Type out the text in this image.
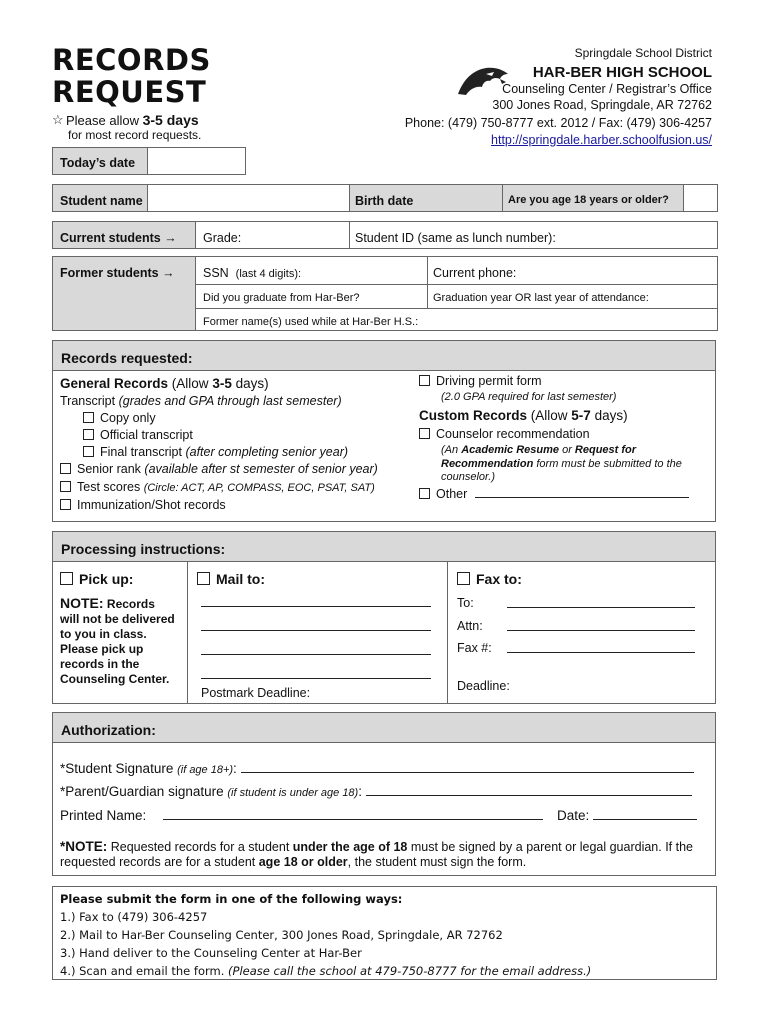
RECORDS
REQUEST
☆ Please allow 3-5 days
for most record requests.
Springdale School District
HAR-BER HIGH SCHOOL
Counseling Center / Registrar’s Office
300 Jones Road, Springdale, AR 72762
Phone: (479) 750-8777 ext. 2012 / Fax: (479) 306-4257
http://springdale.harber.schoolfusion.us/
Today’s date
Student name	Birth date	Are you age 18 years or older?
Current students → Grade:	Student ID (same as lunch number):
Former students → SSN (last 4 digits):	Current phone:
Did you graduate from Har-Ber?	Graduation year OR last year of attendance:
Former name(s) used while at Har-Ber H.S.:
Records requested:
General Records (Allow 3-5 days)
Transcript (grades and GPA through last semester)
Copy only
Official transcript
Final transcript (after completing senior year)
Senior rank (available after st semester of senior year)
Test scores (Circle: ACT, AP, COMPASS, EOC, PSAT, SAT)
Immunization/Shot records
Driving permit form
(2.0 GPA required for last semester)
Custom Records (Allow 5-7 days)
Counselor recommendation
(An Academic Resume or Request for Recommendation form must be submitted to the counselor.)
Other
Processing instructions:
Pick up:
NOTE: Records
will not be delivered to you in class. Please pick up records in the Counseling Center.
Mail to:
Postmark Deadline:
Fax to:
To:
Attn:
Fax #:
Deadline:
Authorization:
*Student Signature (if age 18+):
*Parent/Guardian signature (if student is under age 18):
Printed Name:	Date:
*NOTE: Requested records for a student under the age of 18 must be signed by a parent or legal guardian. If the requested records are for a student age 18 or older, the student must sign the form.
Please submit the form in one of the following ways:
1.) Fax to (479) 306-4257
2.) Mail to Har-Ber Counseling Center, 300 Jones Road, Springdale, AR 72762
3.) Hand deliver to the Counseling Center at Har-Ber
4.) Scan and email the form. (Please call the school at 479-750-8777 for the email address.)
